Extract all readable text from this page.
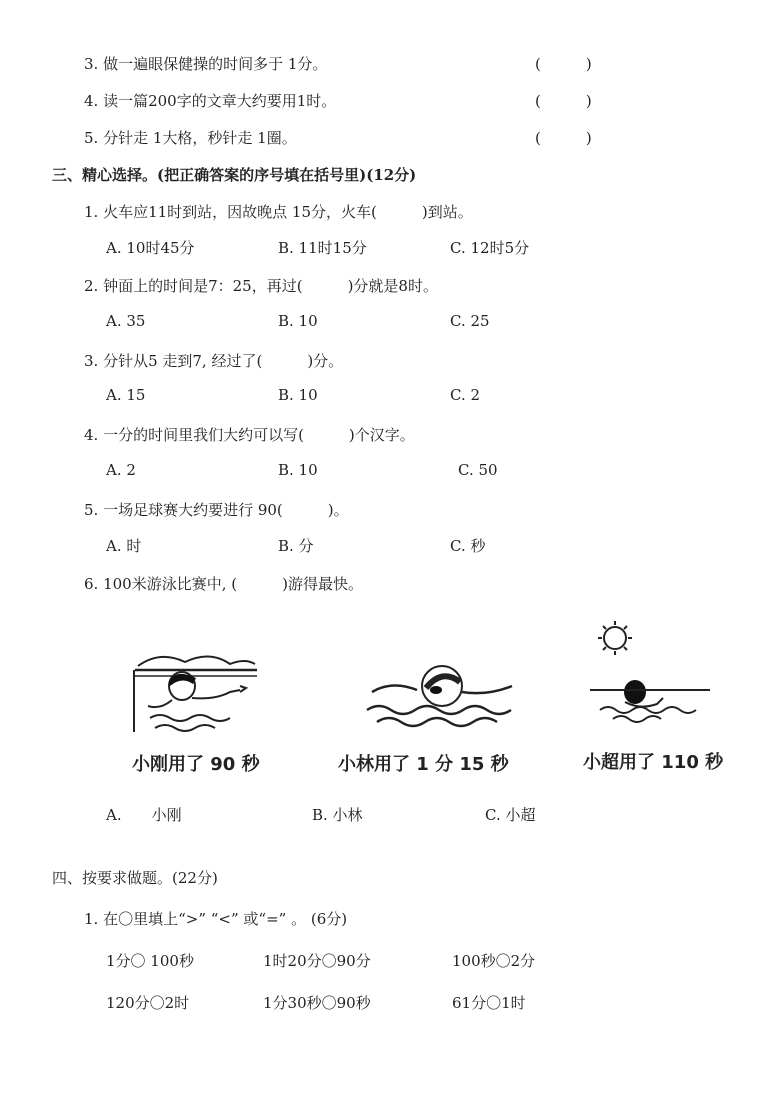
3. 做一遍眼保健操的时间多于 1分。	(　　　)
4. 读一篇200字的文章大约要用1时。	(　　　)
5. 分针走 1大格，秒针走 1圈。	(　　　)
三、精心选择。(把正确答案的序号填在括号里)(12分)
1. 火车应11时到站，因故晚点 15分，火车(　　　)到站。
A. 10时45分	B. 11时15分	C. 12时5分
2. 钟面上的时间是7：25，再过(　　　)分就是8时。
A. 35	B. 10	C. 25
3. 分针从5 走到7, 经过了(　　　)分。
A. 15	B. 10	C. 2
4. 一分的时间里我们大约可以写(　　　)个汉字。
A. 2	B. 10	C. 50
5. 一场足球赛大约要进行 90(　　　)。
A. 时	B. 分	C. 秒
6. 100米游泳比赛中, (　　　)游得最快。
小刚用了 90 秒	小林用了 1 分 15 秒	小超用了 110 秒
A.　　小刚	B. 小林	C. 小超
四、按要求做题。(22分)
1. 在〇里填上“>” “<” 或“=” 。 (6分)
1分〇 100秒	1时20分〇90分	100秒〇2分
120分〇2时	1分30秒〇90秒	61分〇1时
